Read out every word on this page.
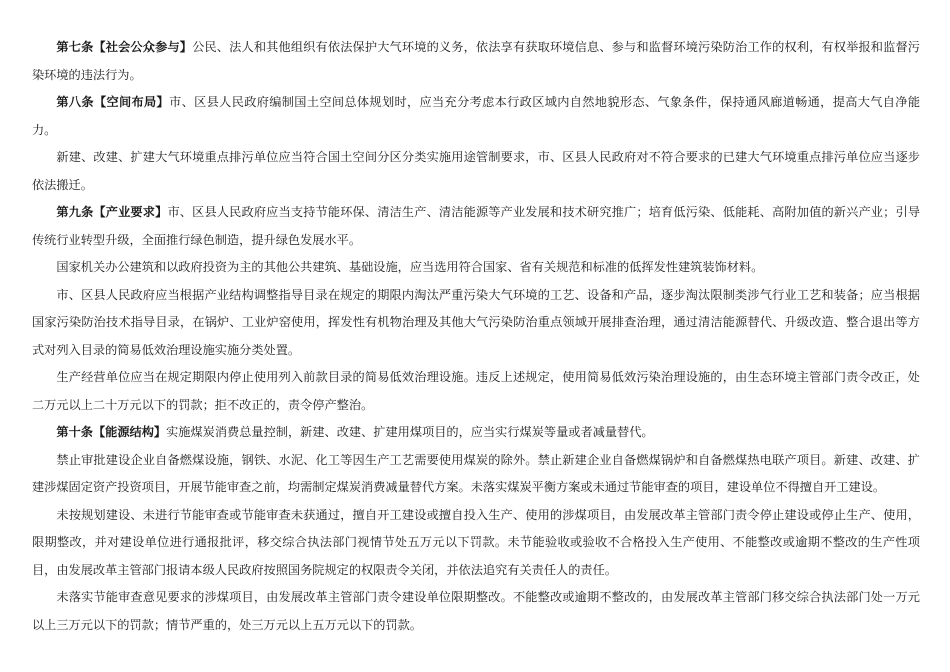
第七条【社会公众参与】公民、法人和其他组织有依法保护大气环境的义务，依法享有获取环境信息、参与和监督环境污染防治工作的权利，有权举报和监督污染环境的违法行为。

第八条【空间布局】市、区县人民政府编制国土空间总体规划时，应当充分考虑本行政区域内自然地貌形态、气象条件，保持通风廊道畅通，提高大气自净能力。

新建、改建、扩建大气环境重点排污单位应当符合国土空间分区分类实施用途管制要求，市、区县人民政府对不符合要求的已建大气环境重点排污单位应当逐步依法搬迁。

第九条【产业要求】市、区县人民政府应当支持节能环保、清洁生产、清洁能源等产业发展和技术研究推广；培育低污染、低能耗、高附加值的新兴产业；引导传统行业转型升级，全面推行绿色制造，提升绿色发展水平。

国家机关办公建筑和以政府投资为主的其他公共建筑、基础设施，应当选用符合国家、省有关规范和标准的低挥发性建筑装饰材料。

市、区县人民政府应当根据产业结构调整指导目录在规定的期限内淘汰严重污染大气环境的工艺、设备和产品，逐步淘汰限制类涉气行业工艺和装备；应当根据国家污染防治技术指导目录，在锅炉、工业炉窑使用，挥发性有机物治理及其他大气污染防治重点领域开展排查治理，通过清洁能源替代、升级改造、整合退出等方式对列入目录的简易低效治理设施实施分类处置。

生产经营单位应当在规定期限内停止使用列入前款目录的简易低效治理设施。违反上述规定，使用简易低效污染治理设施的，由生态环境主管部门责令改正，处二万元以上二十万元以下的罚款；拒不改正的，责令停产整治。

第十条【能源结构】实施煤炭消费总量控制，新建、改建、扩建用煤项目的，应当实行煤炭等量或者减量替代。

禁止审批建设企业自备燃煤设施，钢铁、水泥、化工等因生产工艺需要使用煤炭的除外。禁止新建企业自备燃煤锅炉和自备燃煤热电联产项目。新建、改建、扩建涉煤固定资产投资项目，开展节能审查之前，均需制定煤炭消费减量替代方案。未落实煤炭平衡方案或未通过节能审查的项目，建设单位不得擅自开工建设。

未按规划建设、未进行节能审查或节能审查未获通过，擅自开工建设或擅自投入生产、使用的涉煤项目，由发展改革主管部门责令停止建设或停止生产、使用，限期整改，并对建设单位进行通报批评，移交综合执法部门视情节处五万元以下罚款。未节能验收或验收不合格投入生产使用、不能整改或逾期不整改的生产性项目，由发展改革主管部门报请本级人民政府按照国务院规定的权限责令关闭，并依法追究有关责任人的责任。

未落实节能审查意见要求的涉煤项目，由发展改革主管部门责令建设单位限期整改。不能整改或逾期不整改的，由发展改革主管部门移交综合执法部门处一万元以上三万元以下的罚款；情节严重的，处三万元以上五万元以下的罚款。
